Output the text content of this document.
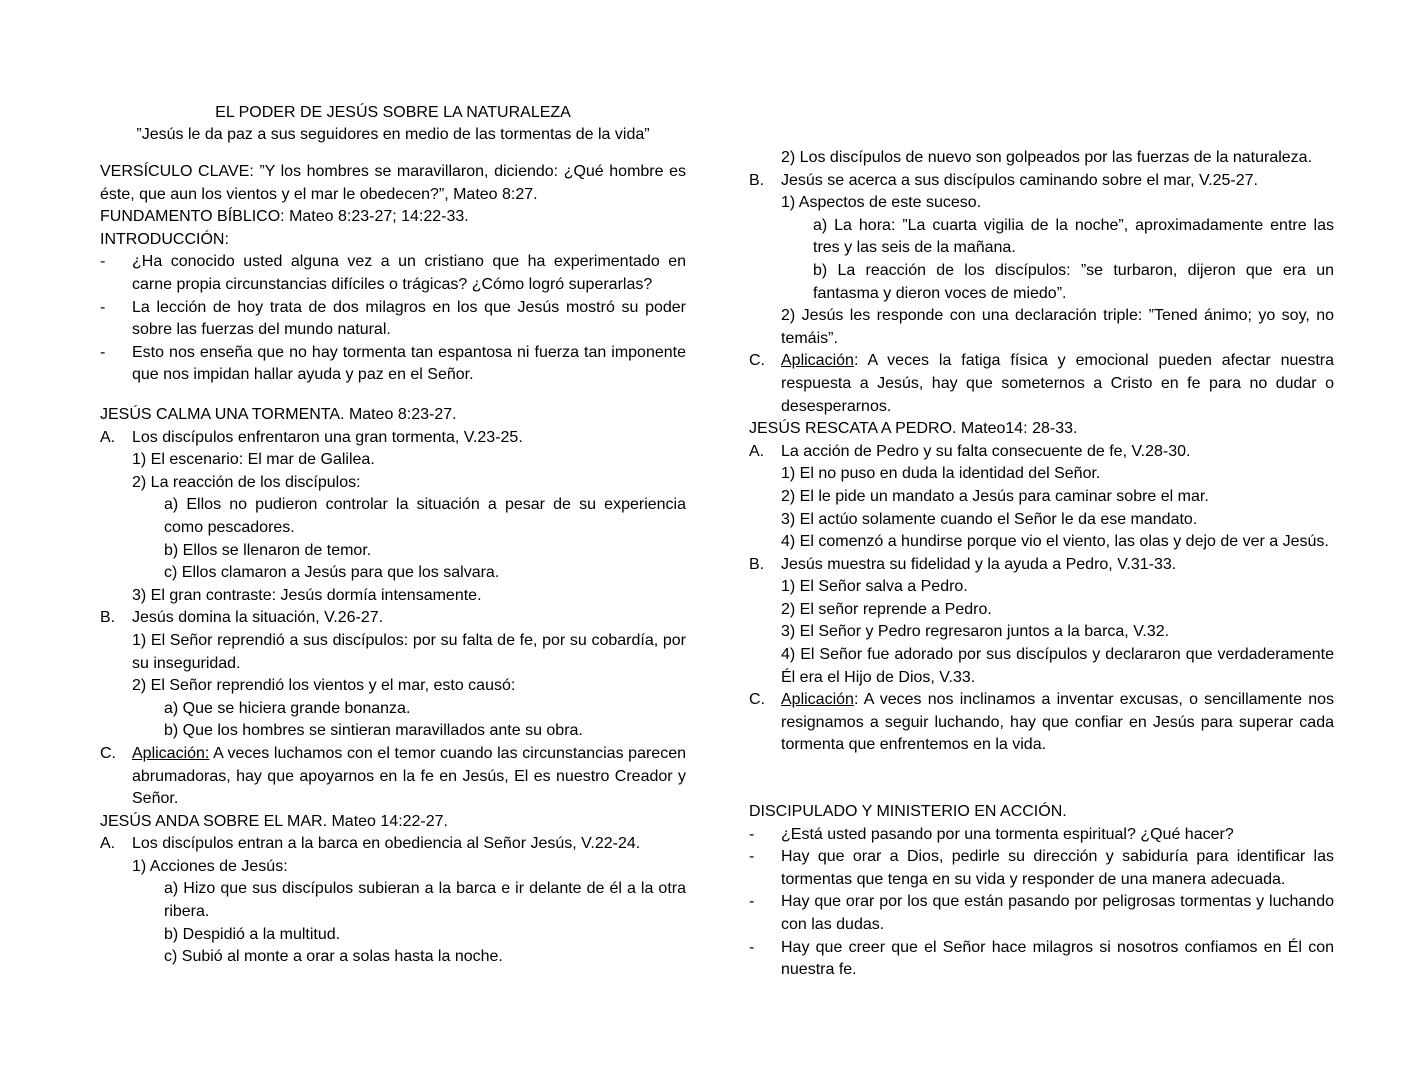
EL PODER DE JESÚS SOBRE LA NATURALEZA
”Jesús le da paz a sus seguidores en medio de las tormentas de la vida”

VERSÍCULO CLAVE: ”Y los hombres se maravillaron, diciendo: ¿Qué hombre es éste, que aun los vientos y el mar le obedecen?”, Mateo 8:27.

FUNDAMENTO BÍBLICO: Mateo 8:23-27; 14:22-33.

INTRODUCCIÓN:

-	¿Ha conocido usted alguna vez a un cristiano que ha experimentado en carne propia circunstancias difíciles o trágicas? ¿Cómo logró superarlas?
-	La lección de hoy trata de dos milagros en los que Jesús mostró su poder sobre las fuerzas del mundo natural.
-	Esto nos enseña que no hay tormenta tan espantosa ni fuerza tan imponente que nos impidan hallar ayuda y paz en el Señor.

JESÚS CALMA UNA TORMENTA. Mateo 8:23-27.

A.	Los discípulos enfrentaron una gran tormenta, V.23-25.

1) El escenario: El mar de Galilea.

2) La reacción de los discípulos:

a) Ellos no pudieron controlar la situación a pesar de su experiencia como pescadores.

b) Ellos se llenaron de temor.

c) Ellos clamaron a Jesús para que los salvara.

3) El gran contraste: Jesús dormía intensamente.

B.	Jesús domina la situación, V.26-27.

1) El Señor reprendió a sus discípulos: por su falta de fe, por su cobardía, por su inseguridad.

2) El Señor reprendió los vientos y el mar, esto causó:

a) Que se hiciera grande bonanza.

b) Que los hombres se sintieran maravillados ante su obra.

C.	Aplicación: A veces luchamos con el temor cuando las circunstancias parecen abrumadoras, hay que apoyarnos en la fe en Jesús, El es nuestro Creador y Señor.

JESÚS ANDA SOBRE EL MAR. Mateo 14:22-27.

A.	Los discípulos entran a la barca en obediencia al Señor Jesús, V.22-24.

1) Acciones de Jesús:

a) Hizo que sus discípulos subieran a la barca e ir delante de él a la otra ribera.

b) Despidió a la multitud.

c) Subió al monte a orar a solas hasta la noche.

2) Los discípulos de nuevo son golpeados por las fuerzas de la naturaleza.

B.	Jesús se acerca a sus discípulos caminando sobre el mar, V.25-27.

1) Aspectos de este suceso.

a) La hora: ”La cuarta vigilia de la noche”, aproximadamente entre las tres y las seis de la mañana.

b) La reacción de los discípulos: ”se turbaron, dijeron que era un fantasma y dieron voces de miedo”.

2) Jesús les responde con una declaración triple: ”Tened ánimo; yo soy, no temáis”.

C.	Aplicación: A veces la fatiga física y emocional pueden afectar nuestra respuesta a Jesús, hay que someternos a Cristo en fe para no dudar o desesperarnos.

JESÚS RESCATA A PEDRO. Mateo14: 28-33.

A.	La acción de Pedro y su falta consecuente de fe, V.28-30.

1) El no puso en duda la identidad del Señor.

2) El le pide un mandato a Jesús para caminar sobre el mar.

3) El actúo solamente cuando el Señor le da ese mandato.

4) El comenzó a hundirse porque vio el viento, las olas y dejo de ver a Jesús.

B.	Jesús muestra su fidelidad y la ayuda a Pedro, V.31-33.

1) El Señor salva a Pedro.

2) El señor reprende a Pedro.

3) El Señor y Pedro regresaron juntos a la barca, V.32.

4) El Señor fue adorado por sus discípulos y declararon que verdaderamente Él era el Hijo de Dios, V.33.

C.	Aplicación: A veces nos inclinamos a inventar excusas, o sencillamente nos resignamos a seguir luchando, hay que confiar en Jesús para superar cada tormenta que enfrentemos en la vida.

DISCIPULADO Y MINISTERIO EN ACCIÓN.

-	¿Está usted pasando por una tormenta espiritual? ¿Qué hacer?
-	Hay que orar a Dios, pedirle su dirección y sabiduría para identificar las tormentas que tenga en su vida y responder de una manera adecuada.
-	Hay que orar por los que están pasando por peligrosas tormentas y luchando con las dudas.
-	Hay que creer que el Señor hace milagros si nosotros confiamos en Él con nuestra fe.
